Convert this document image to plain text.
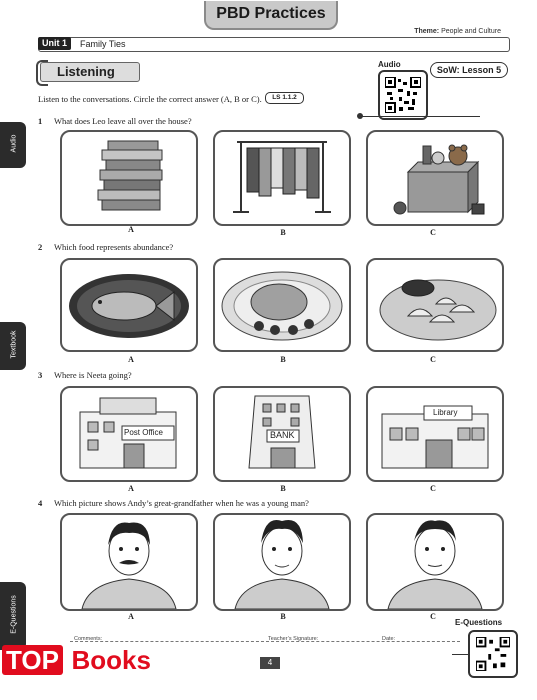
PBD Practices
Theme: People and Culture
Unit 1	Family Ties
Listening	Audio
SoW: Lesson 5
Listen to the conversations. Circle the correct answer (A, B or C).	LS 1.1.2
Audio
Textbook
E-Questions
1 What does Leo leave all over the house?
A	B	C
2 Which food represents abundance?
A	B	C
3 Where is Neeta going?
Post Office	BANK
Library
A	B	C
4 Which picture shows Andy’s great-grandfather when he was a young man?
A	B	C
Comments:	Teacher’s Signature:	Date:
4
E-Questions
TOP Books
